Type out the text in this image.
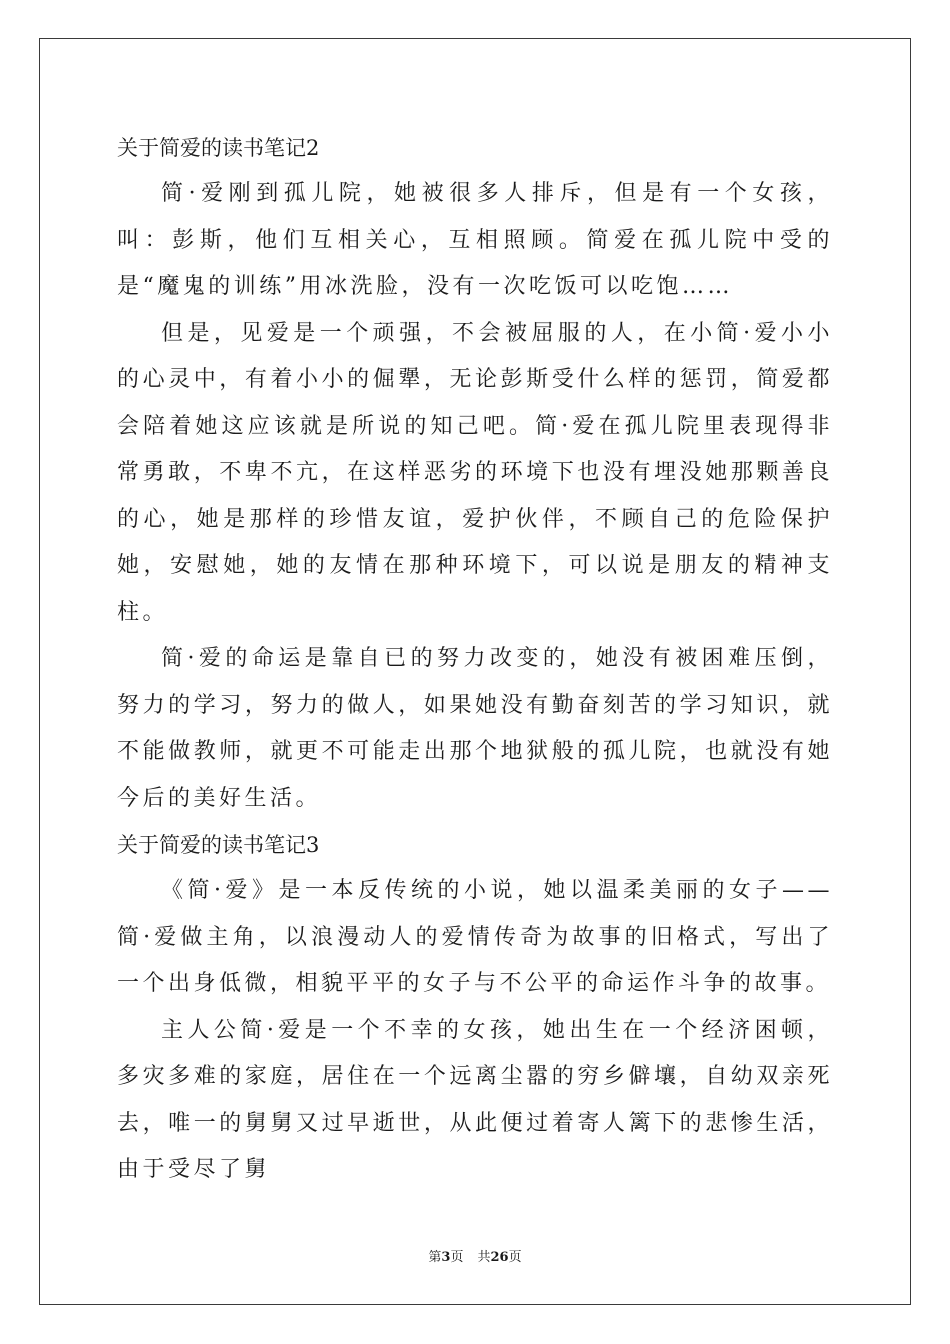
关于简爱的读书笔记2

简·爱刚到孤儿院，她被很多人排斥，但是有一个女孩，叫：彭斯，他们互相关心，互相照顾。简爱在孤儿院中受的是“魔鬼的训练”用冰洗脸，没有一次吃饭可以吃饱……

但是，见爱是一个顽强，不会被屈服的人，在小简·爱小小的心灵中，有着小小的倔犟，无论彭斯受什么样的惩罚，简爱都会陪着她这应该就是所说的知己吧。简·爱在孤儿院里表现得非常勇敢，不卑不亢，在这样恶劣的环境下也没有埋没她那颗善良的心，她是那样的珍惜友谊，爱护伙伴，不顾自己的危险保护她，安慰她，她的友情在那种环境下，可以说是朋友的精神支柱。

简·爱的命运是靠自已的努力改变的，她没有被困难压倒，努力的学习，努力的做人，如果她没有勤奋刻苦的学习知识，就不能做教师，就更不可能走出那个地狱般的孤儿院，也就没有她今后的美好生活。

关于简爱的读书笔记3

《简·爱》是一本反传统的小说，她以温柔美丽的女子——简·爱做主角，以浪漫动人的爱情传奇为故事的旧格式，写出了一个出身低微，相貌平平的女子与不公平的命运作斗争的故事。

主人公简·爱是一个不幸的女孩，她出生在一个经济困顿，多灾多难的家庭，居住在一个远离尘嚣的穷乡僻壤，自幼双亲死去，唯一的舅舅又过早逝世，从此便过着寄人篱下的悲惨生活，由于受尽了舅

第3页 共26页
